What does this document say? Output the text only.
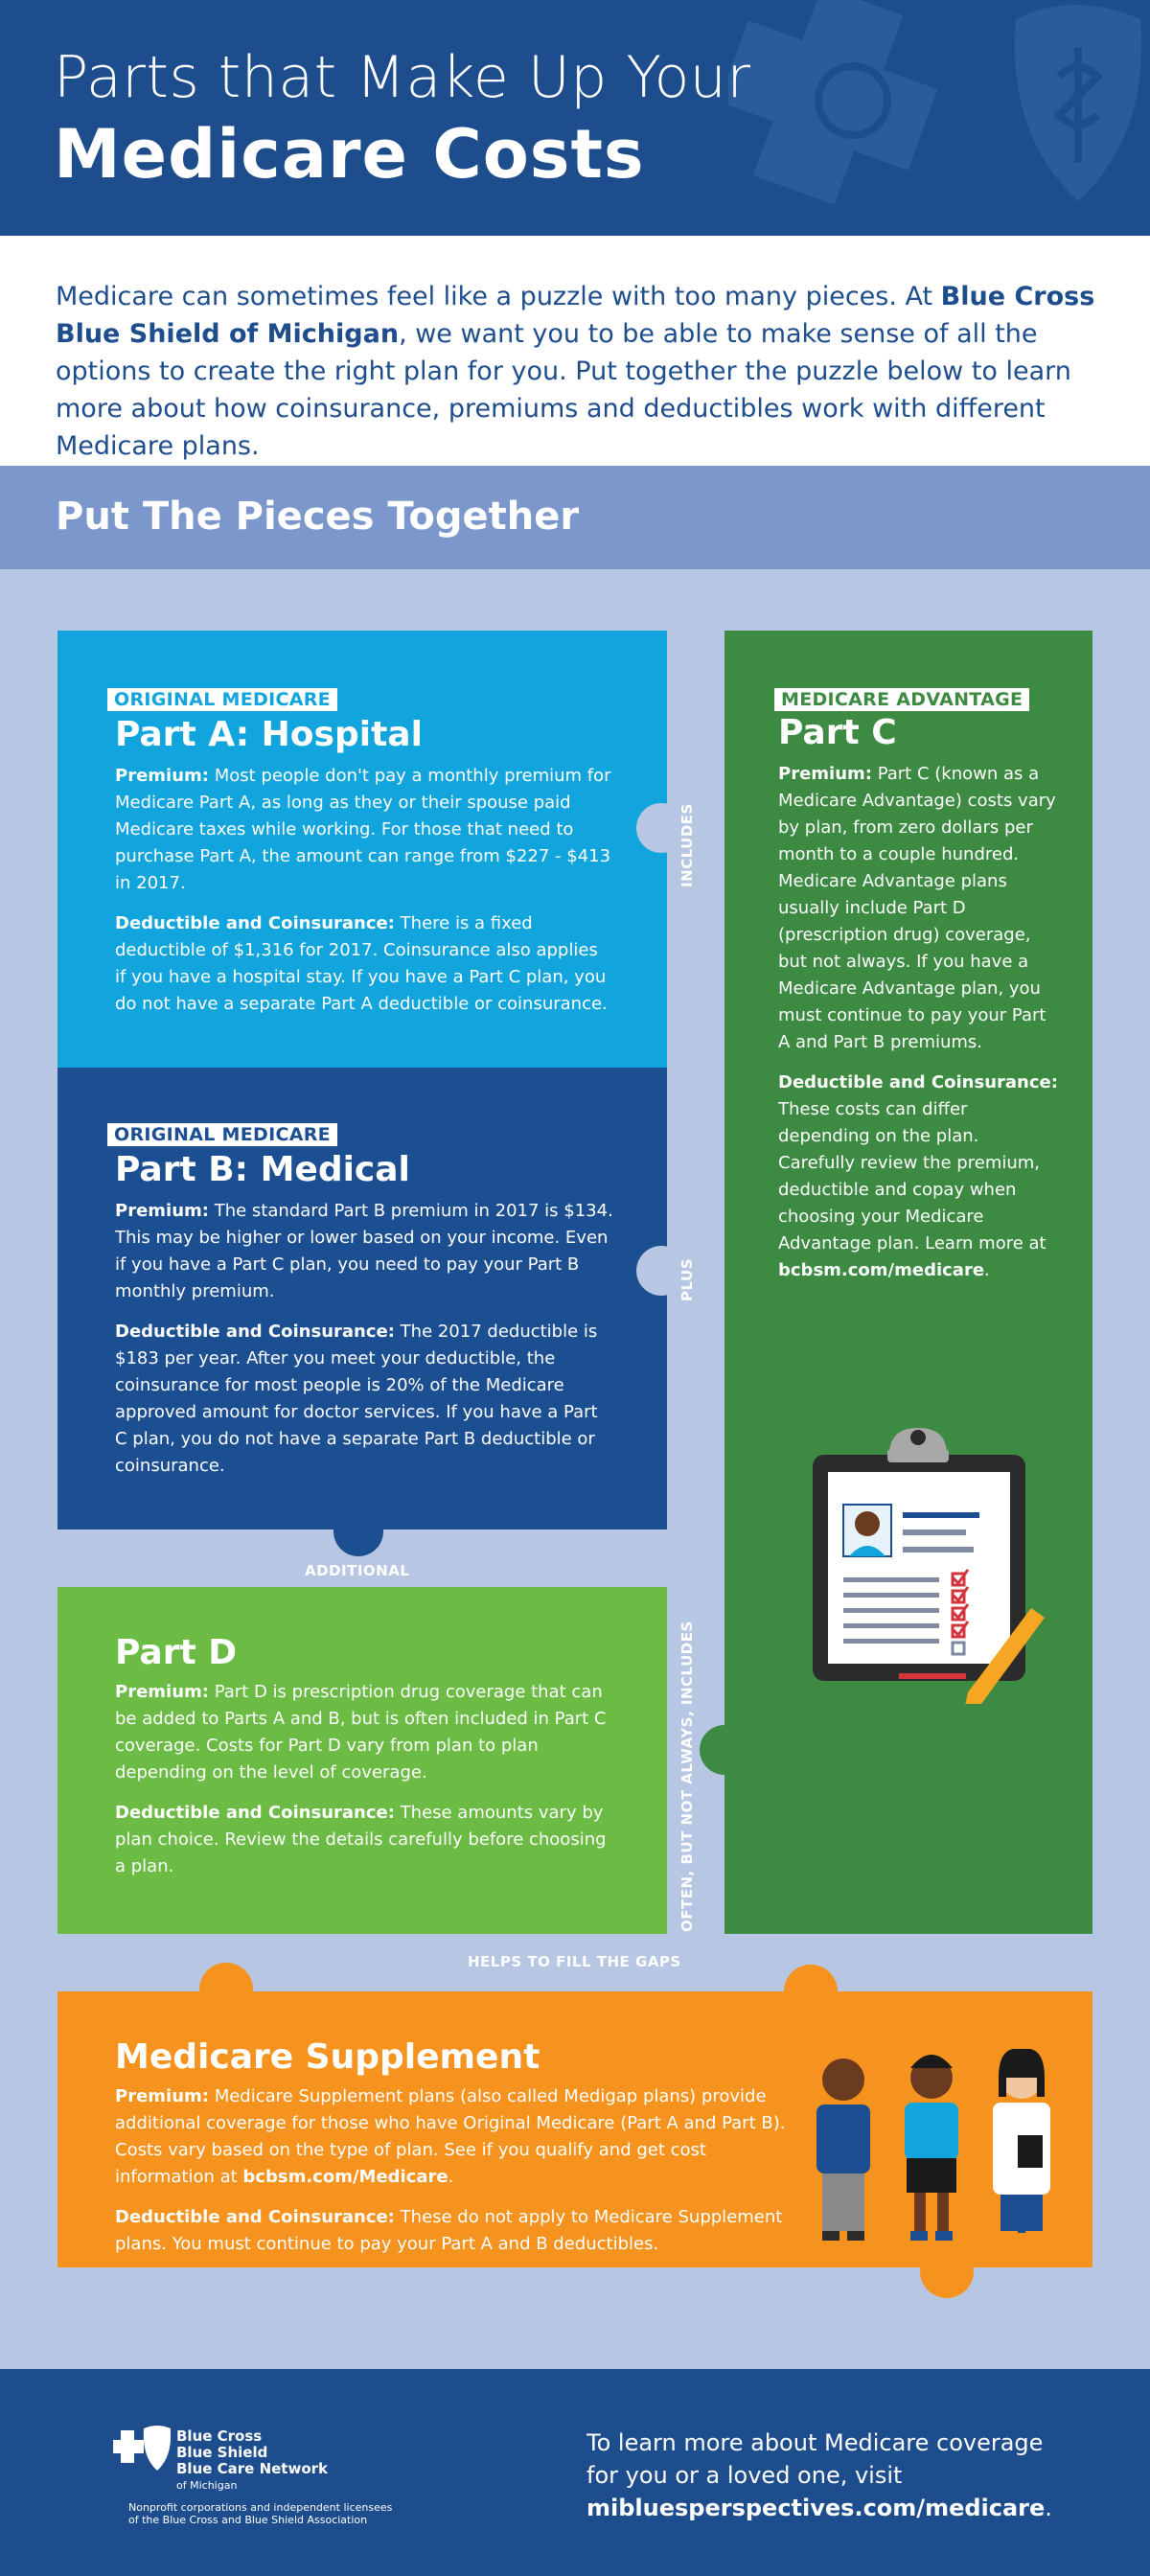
Parts that Make Up Your
Medicare Costs

Medicare can sometimes feel like a puzzle with too many pieces. At Blue Cross Blue Shield of Michigan, we want you to be able to make sense of all the options to create the right plan for you. Put together the puzzle below to learn more about how coinsurance, premiums and deductibles work with different Medicare plans.

Put The Pieces Together
ORIGINAL MEDICARE
Part A: Hospital

Premium: Most people don't pay a monthly premium for Medicare Part A, as long as they or their spouse paid Medicare taxes while working. For those that need to purchase Part A, the amount can range from $227 - $413 in 2017.

Deductible and Coinsurance: There is a fixed deductible of $1,316 for 2017. Coinsurance also applies if you have a hospital stay. If you have a Part C plan, you do not have a separate Part A deductible or coinsurance.

ORIGINAL MEDICARE
Part B: Medical

Premium: The standard Part B premium in 2017 is $134. This may be higher or lower based on your income. Even if you have a Part C plan, you need to pay your Part B monthly premium.

Deductible and Coinsurance: The 2017 deductible is $183 per year. After you meet your deductible, the coinsurance for most people is 20% of the Medicare approved amount for doctor services. If you have a Part C plan, you do not have a separate Part B deductible or coinsurance.

ADDITIONAL
MEDICARE ADVANTAGE
Part C

Premium: Part C (known as a Medicare Advantage) costs vary by plan, from zero dollars per month to a couple hundred. Medicare Advantage plans usually include Part D (prescription drug) coverage, but not always. If you have a Medicare Advantage plan, you must continue to pay your Part A and Part B premiums.

Deductible and Coinsurance: These costs can differ depending on the plan. Carefully review the premium, deductible and copay when choosing your Medicare Advantage plan. Learn more at bcbsm.com/medicare.

INCLUDES
PLUS
OFTEN, BUT NOT ALWAYS, INCLUDES
Part D

Premium: Part D is prescription drug coverage that can be added to Parts A and B, but is often included in Part C coverage. Costs for Part D vary from plan to plan depending on the level of coverage.

Deductible and Coinsurance: These amounts vary by plan choice. Review the details carefully before choosing a plan.

HELPS TO FILL THE GAPS
Medicare Supplement

Premium: Medicare Supplement plans (also called Medigap plans) provide additional coverage for those who have Original Medicare (Part A and Part B). Costs vary based on the type of plan. See if you qualify and get cost information at bcbsm.com/Medicare.

Deductible and Coinsurance: These do not apply to Medicare Supplement plans. You must continue to pay your Part A and B deductibles.

Blue Cross
Blue Shield
Blue Care Network
of Michigan
Nonprofit corporations and independent licensees
of the Blue Cross and Blue Shield Association
To learn more about Medicare coverage
for you or a loved one, visit
mibluesperspectives.com/medicare.
